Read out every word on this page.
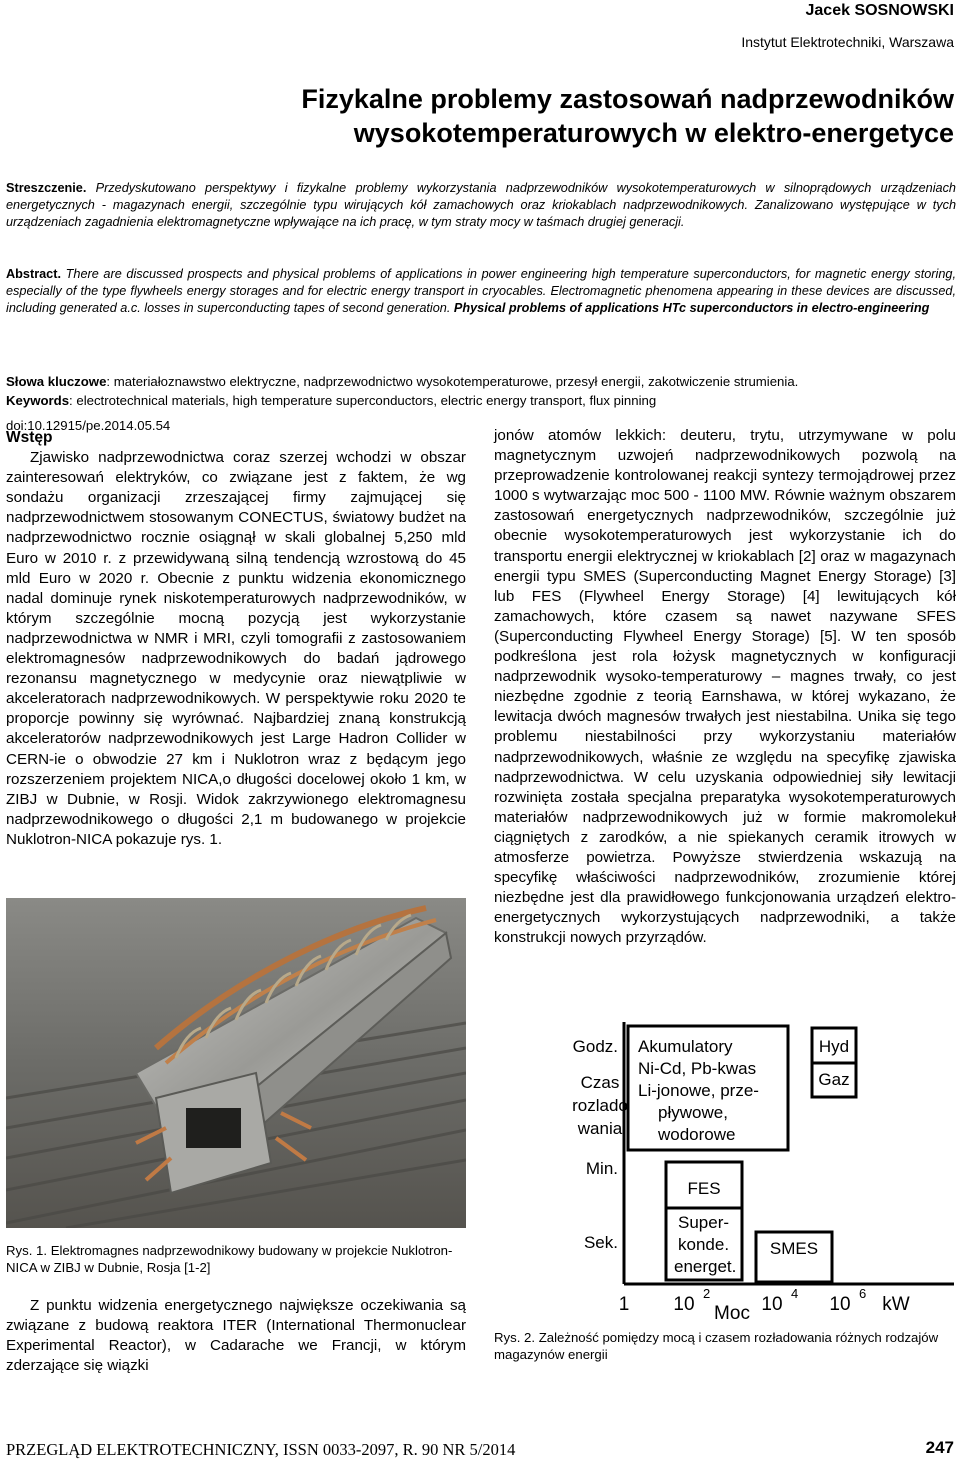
Jacek SOSNOWSKI
Instytut Elektrotechniki, Warszawa
Fizykalne problemy zastosowań nadprzewodników
wysokotemperaturowych w elektro-energetyce
Streszczenie. Przedyskutowano perspektywy i fizykalne problemy wykorzystania nadprzewodników wysokotemperaturowych w silnoprądowych urządzeniach energetycznych - magazynach energii, szczególnie typu wirujących kół zamachowych oraz kriokablach nadprzewodnikowych. Zanalizowano występujące w tych urządzeniach zagadnienia elektromagnetyczne wpływające na ich pracę, w tym straty mocy w taśmach drugiej generacji.
Abstract. There are discussed prospects and physical problems of applications in power engineering high temperature superconductors, for magnetic energy storing, especially of the type flywheels energy storages and for electric energy transport in cryocables. Electromagnetic phenomena appearing in these devices are discussed, including generated a.c. losses in superconducting tapes of second generation. Physical problems of applications HTc superconductors in electro-engineering
Słowa kluczowe: materiałoznawstwo elektryczne, nadprzewodnictwo wysokotemperaturowe, przesył energii, zakotwiczenie strumienia.
Keywords: electrotechnical materials, high temperature superconductors, electric energy transport, flux pinning
doi:10.12915/pe.2014.05.54
Wstęp

Zjawisko nadprzewodnictwa coraz szerzej wchodzi w obszar zainteresowań elektryków, co związane jest z faktem, że wg sondażu organizacji zrzeszającej firmy zajmującej się nadprzewodnictwem stosowanym CONECTUS, światowy budżet na nadprzewodnictwo rocznie osiągnął w skali globalnej 5,250 mld Euro w 2010 r. z przewidywaną silną tendencją wzrostową do 45 mld Euro w 2020 r. Obecnie z punktu widzenia ekonomicznego nadal dominuje rynek niskotemperaturowych nadprzewodników, w którym szczególnie mocną pozycją jest wykorzystanie nadprzewodnictwa w NMR i MRI, czyli tomografii z zastosowaniem elektromagnesów nadprzewodnikowych do badań jądrowego rezonansu magnetycznego w medycynie oraz niewątpliwie w akceleratorach nadprzewodnikowych. W perspektywie roku 2020 te proporcje powinny się wyrównać. Najbardziej znaną konstrukcją akceleratorów nadprzewodnikowych jest Large Hadron Collider w CERN-ie o obwodzie 27 km i Nuklotron wraz z będącym jego rozszerzeniem projektem NICA,o długości docelowej około 1 km, w ZIBJ w Dubnie, w Rosji. Widok zakrzywionego elektromagnesu nadprzewodnikowego o długości 2,1 m budowanego w projekcie Nuklotron-NICA pokazuje rys. 1.

Rys. 1. Elektromagnes nadprzewodnikowy budowany w projekcie Nuklotron-NICA w ZIBJ w Dubnie, Rosja [1-2]

Z punktu widzenia energetycznego największe oczekiwania są związane z budową reaktora ITER (International Thermonuclear Experimental Reactor), w Cadarache we Francji, w którym zderzające się wiązki

jonów atomów lekkich: deuteru, trytu, utrzymywane w polu magnetycznym uzwojeń nadprzewodnikowych pozwolą na przeprowadzenie kontrolowanej reakcji syntezy termojądrowej przez 1000 s wytwarzając moc 500 - 1100 MW. Równie ważnym obszarem zastosowań energetycznych nadprzewodników, szczególnie już obecnie wysokotemperaturowych jest wykorzystanie ich do transportu energii elektrycznej w kriokablach [2] oraz w magazynach energii typu SMES (Superconducting Magnet Energy Storage) [3] lub FES (Flywheel Energy Storage) [4] lewitujących kół zamachowych, które czasem są nawet nazywane SFES (Superconducting Flywheel Energy Storage) [5]. W ten sposób podkreślona jest rola łożysk magnetycznych w konfiguracji nadprzewodnik wysoko-temperaturowy – magnes trwały, co jest niezbędne zgodnie z teorią Earnshawa, w której wykazano, że lewitacja dwóch magnesów trwałych jest niestabilna. Unika się tego problemu niestabilności przy wykorzystaniu materiałów nadprzewodnikowych, właśnie ze względu na specyfikę zjawiska nadprzewodnictwa. W celu uzyskania odpowiedniej siły lewitacji rozwinięta została specjalna preparatyka wysokotemperaturowych materiałów nadprzewodnikowych już w formie makromolekuł ciągniętych z zarodków, a nie spiekanych ceramik itrowych w atmosferze powietrza. Powyższe stwierdzenia wskazują na specyfikę właściwości nadprzewodników, zrozumienie której niezbędne jest dla prawidłowego funkcjonowania urządzeń elektro-energetycznych wykorzystujących nadprzewodniki, a także konstrukcji nowych przyrządów.

Godz.
Czas
rozlado
wania
Min.
Sek.
Akumulatory
Ni-Cd, Pb-kwas
Li-jonowe, prze-
pływowe,
wodorowe
Hyd
Gaz
FES
Super-
konde.
energet.
SMES
1 10
2
10
4
10
6
kW
Moc
Rys. 2. Zależność pomiędzy mocą i czasem rozładowania różnych rodzajów magazynów energii
PRZEGLĄD ELEKTROTECHNICZNY, ISSN 0033-2097, R. 90 NR 5/2014	247
